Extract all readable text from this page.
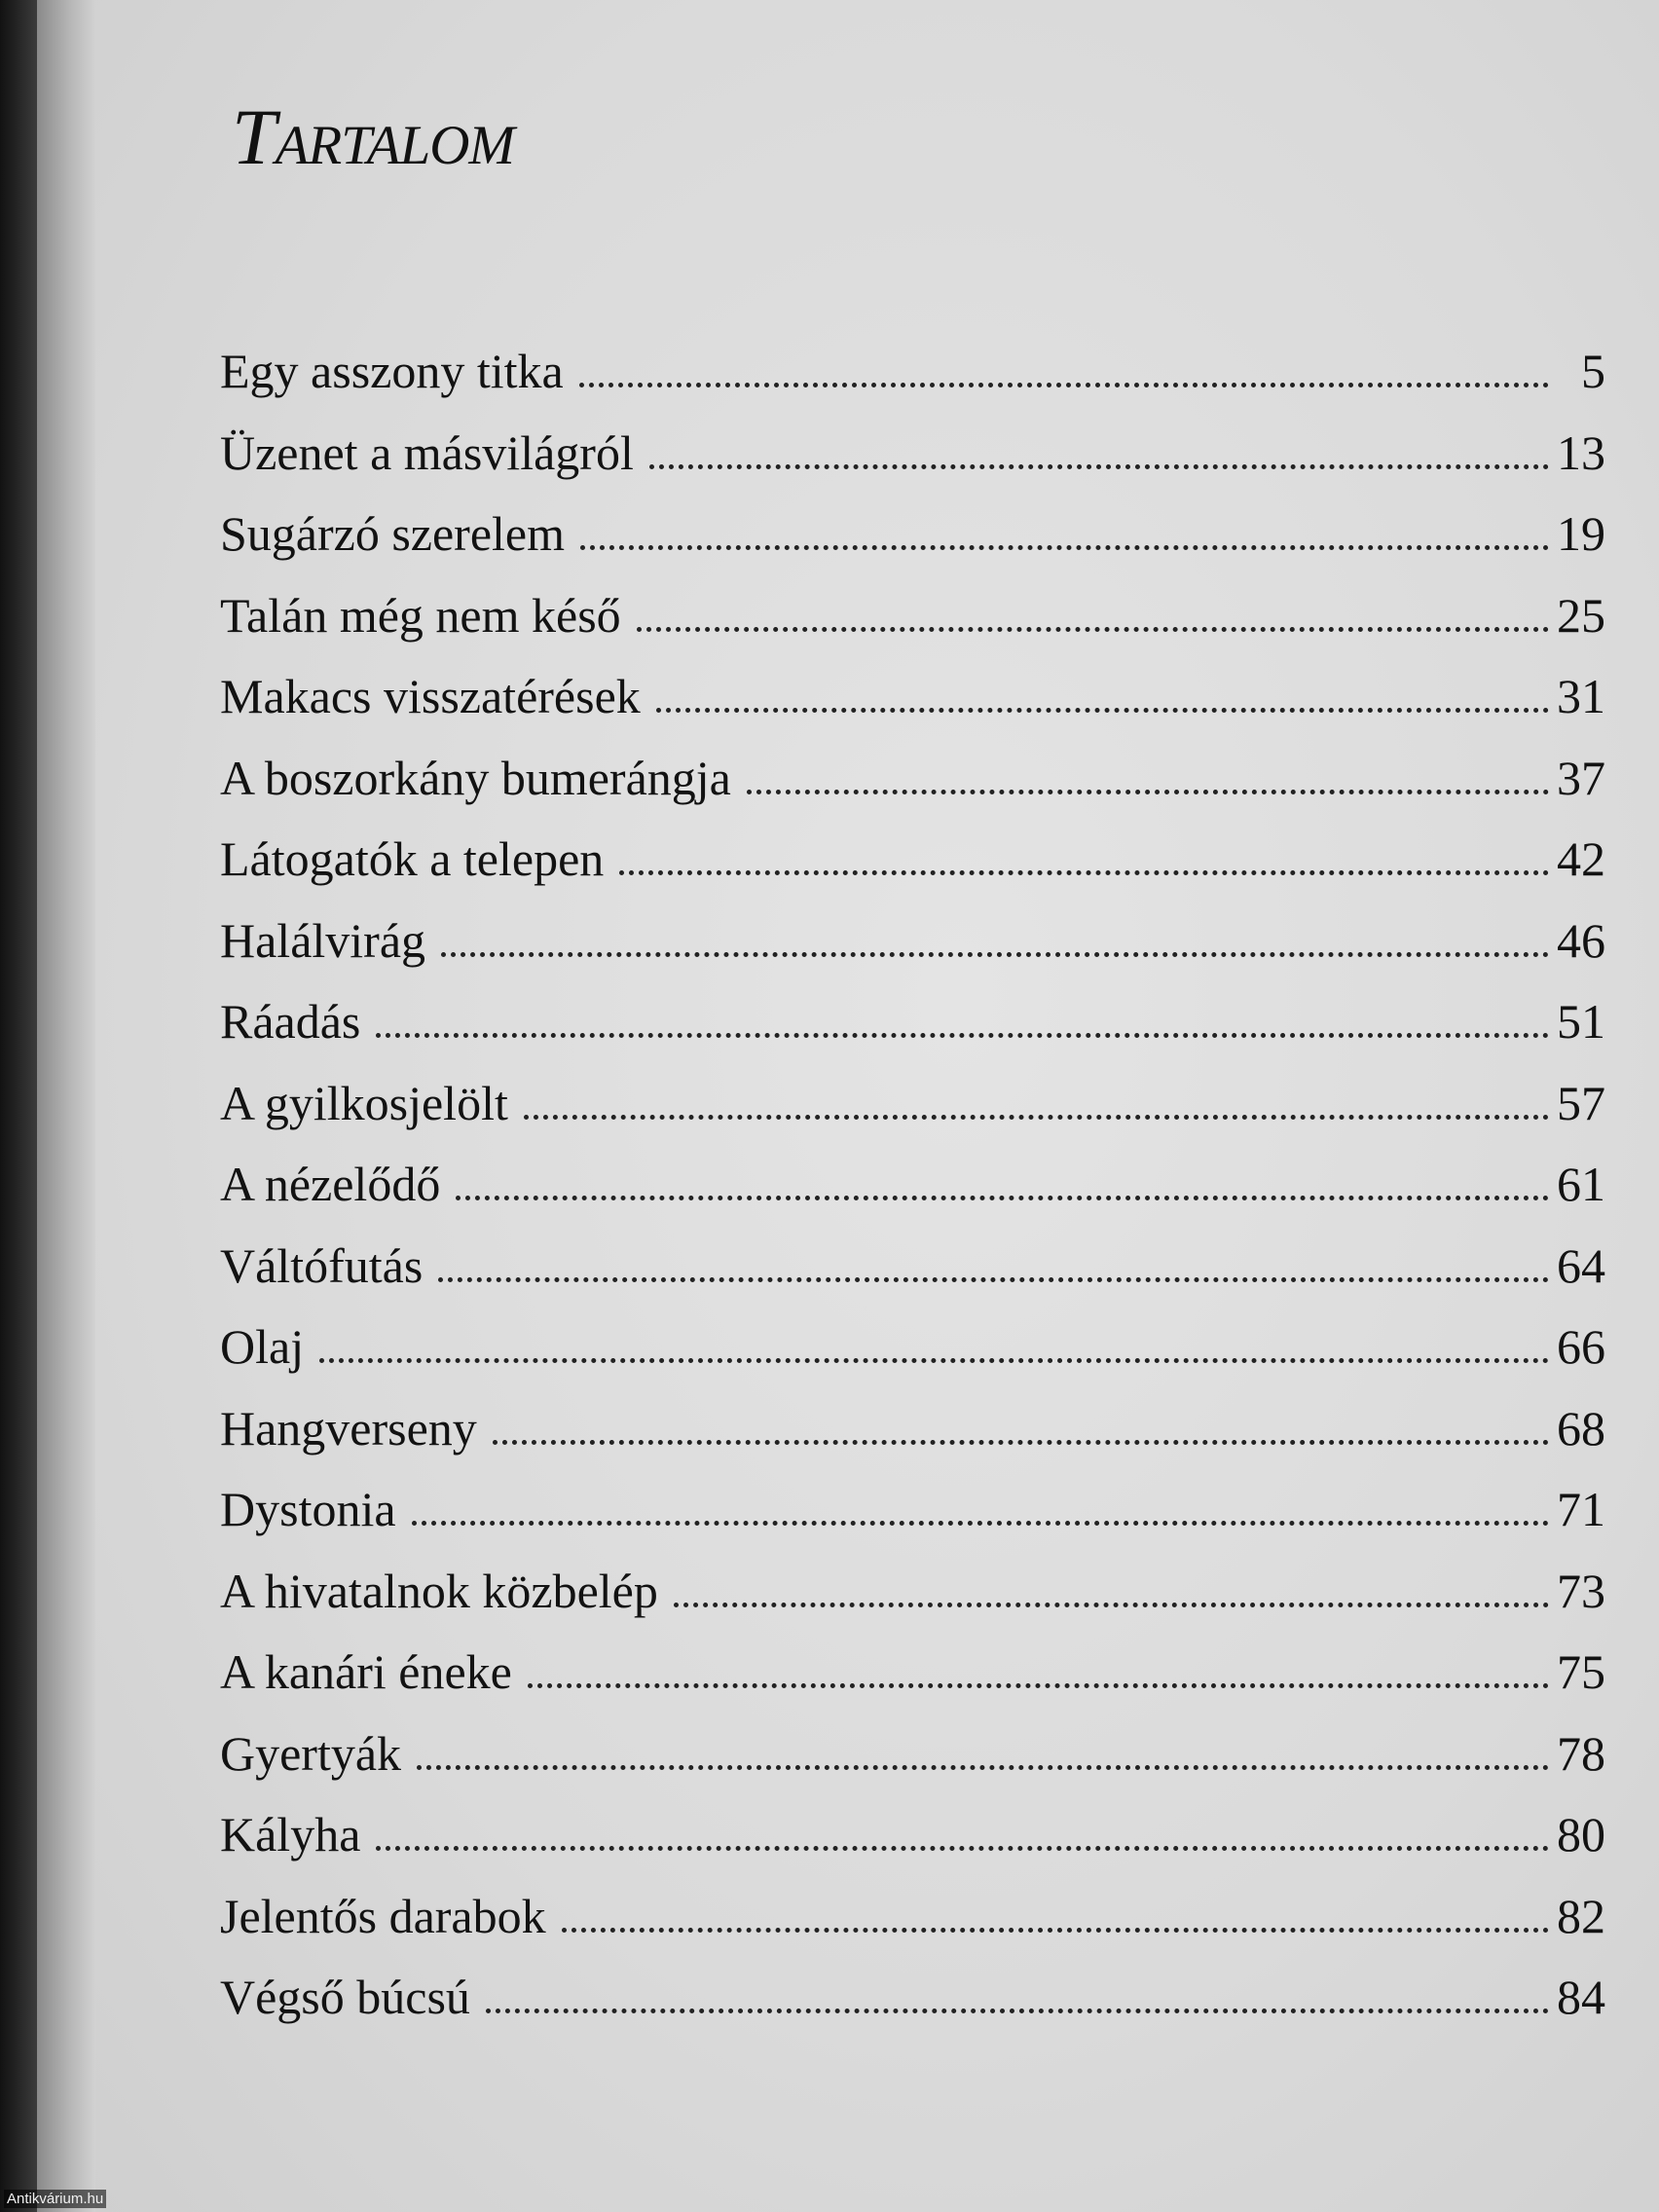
Tartalom
Egy asszony titka	5
Üzenet a másvilágról	13
Sugárzó szerelem	19
Talán még nem késő	25
Makacs visszatérések	31
A boszorkány bumerángja	37
Látogatók a telepen	42
Halálvirág	46
Ráadás	51
A gyilkosjelölt	57
A nézelődő	61
Váltófutás	64
Olaj	66
Hangverseny	68
Dystonia	71
A hivatalnok közbelép	73
A kanári éneke	75
Gyertyák	78
Kályha	80
Jelentős darabok	82
Végső búcsú	84
Antikvárium.hu
